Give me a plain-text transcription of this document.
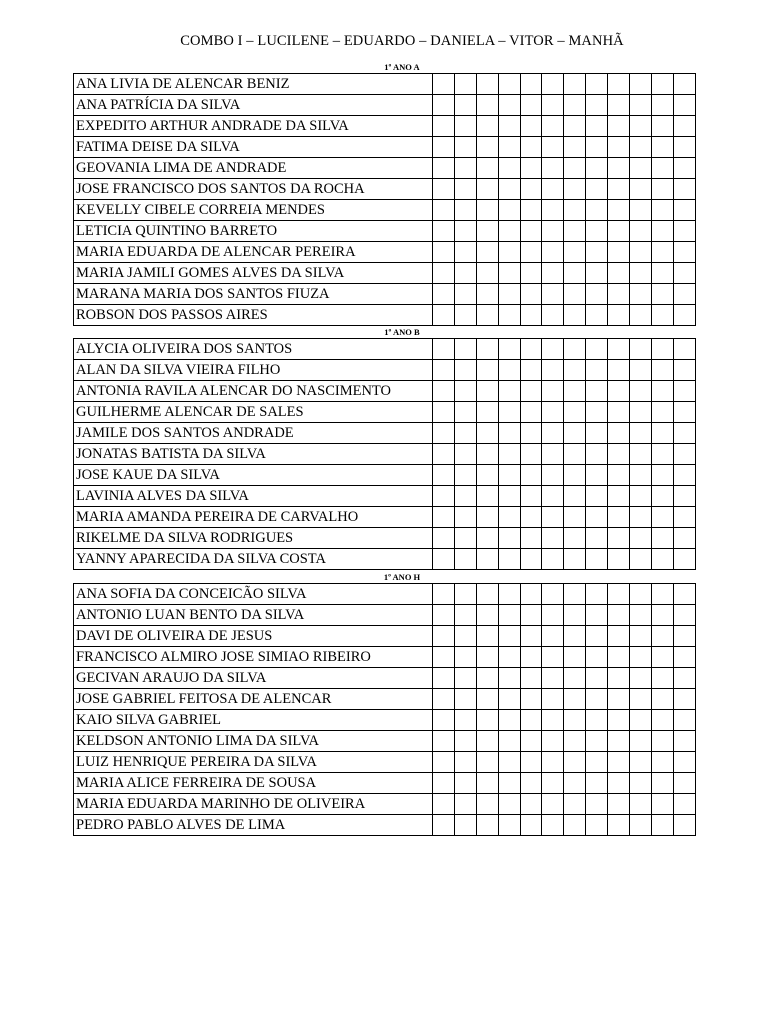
COMBO I – LUCILENE – EDUARDO – DANIELA – VITOR – MANHÃ
1º ANO A
ANA LIVIA DE ALENCAR BENIZ												
ANA PATRÍCIA DA SILVA												
EXPEDITO ARTHUR ANDRADE DA SILVA												
FATIMA DEISE DA SILVA												
GEOVANIA LIMA DE ANDRADE												
JOSE FRANCISCO DOS SANTOS DA ROCHA												
KEVELLY CIBELE CORREIA MENDES												
LETICIA QUINTINO BARRETO												
MARIA EDUARDA DE ALENCAR PEREIRA												
MARIA JAMILI GOMES ALVES DA SILVA												
MARANA MARIA DOS SANTOS FIUZA												
ROBSON DOS PASSOS AIRES												
1º ANO B
ALYCIA OLIVEIRA DOS SANTOS												
ALAN DA SILVA VIEIRA FILHO												
ANTONIA RAVILA ALENCAR DO NASCIMENTO												
GUILHERME ALENCAR DE SALES												
JAMILE DOS SANTOS ANDRADE												
JONATAS BATISTA DA SILVA												
JOSE KAUE DA SILVA												
LAVINIA ALVES DA SILVA												
MARIA AMANDA PEREIRA DE CARVALHO												
RIKELME DA SILVA RODRIGUES												
YANNY APARECIDA DA SILVA COSTA												
1º ANO H
ANA SOFIA DA CONCEICÃO SILVA												
ANTONIO LUAN BENTO DA SILVA												
DAVI DE OLIVEIRA DE JESUS												
FRANCISCO ALMIRO JOSE SIMIAO RIBEIRO												
GECIVAN ARAUJO DA SILVA												
JOSE GABRIEL FEITOSA DE ALENCAR												
KAIO SILVA GABRIEL												
KELDSON ANTONIO LIMA DA SILVA												
LUIZ HENRIQUE PEREIRA DA SILVA												
MARIA ALICE FERREIRA DE SOUSA												
MARIA EDUARDA MARINHO DE OLIVEIRA												
PEDRO PABLO ALVES DE LIMA												
